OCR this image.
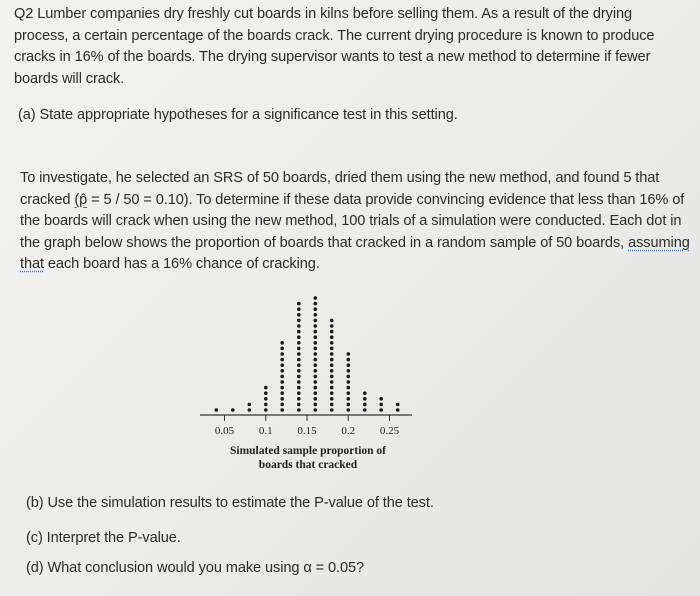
Q2 Lumber companies dry freshly cut boards in kilns before selling them. As a result of the drying process, a certain percentage of the boards crack. The current drying procedure is known to produce cracks in 16% of the boards. The drying supervisor wants to test a new method to determine if fewer boards will crack.

(a) State appropriate hypotheses for a significance test in this setting.

To investigate, he selected an SRS of 50 boards, dried them using the new method, and found 5 that cracked (p̂ = 5 / 50 = 0.10). To determine if these data provide convincing evidence that less than 16% of the boards will crack when using the new method, 100 trials of a simulation were conducted. Each dot in the graph below shows the proportion of boards that cracked in a random sample of 50 boards, assuming that each board has a 16% chance of cracking.

0.05 0.1 0.15 0.2 0.25
Simulated sample proportion of
boards that cracked

(b) Use the simulation results to estimate the P-value of the test.

(c) Interpret the P-value.

(d) What conclusion would you make using α = 0.05?
